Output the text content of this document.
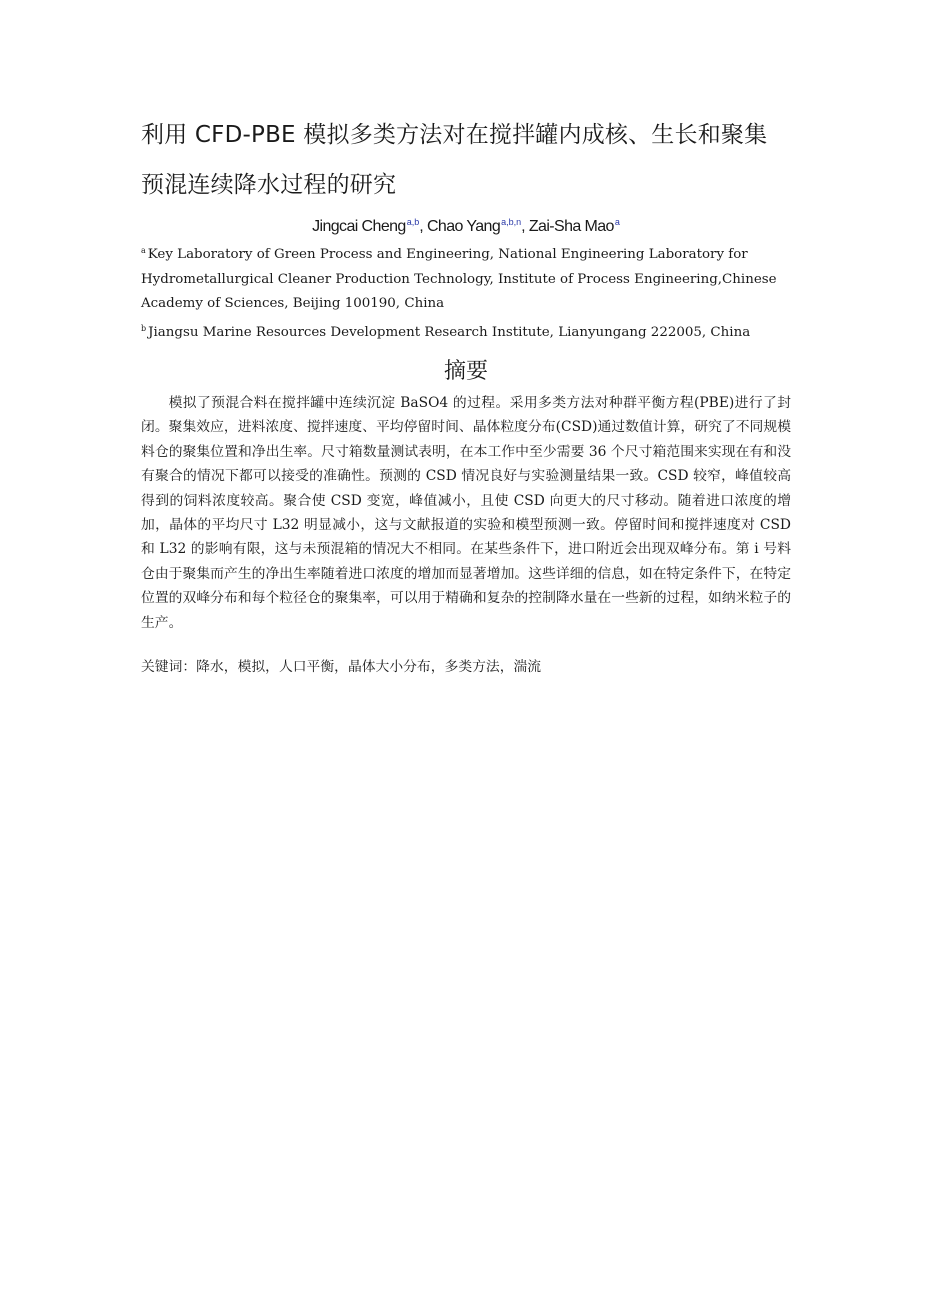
利用 CFD-PBE 模拟多类方法对在搅拌罐内成核、生长和聚集
预混连续降水过程的研究
Jingcai Cheng$^{a,b}$, Chao Yang$^{a,b,n}$, Zai-Sha Mao$^a$

$^a$ Key Laboratory of Green Process and Engineering, National Engineering Laboratory for Hydrometallurgical Cleaner Production Technology, Institute of Process Engineering,Chinese Academy of Sciences, Beijing 100190, China

$^b$ Jiangsu Marine Resources Development Research Institute, Lianyungang 222005, China

摘要

模拟了预混合料在搅拌罐中连续沉淀 BaSO4 的过程。采用多类方法对种群平衡方程(PBE)进行了封闭。聚集效应，进料浓度、搅拌速度、平均停留时间、晶体粒度分布(CSD)通过数值计算，研究了不同规模料仓的聚集位置和净出生率。尺寸箱数量测试表明，在本工作中至少需要 36 个尺寸箱范围来实现在有和没有聚合的情况下都可以接受的准确性。预测的 CSD 情况良好与实验测量结果一致。CSD 较窄，峰值较高得到的饲料浓度较高。聚合使 CSD 变宽，峰值减小，且使 CSD 向更大的尺寸移动。随着进口浓度的增加，晶体的平均尺寸 L32 明显减小，这与文献报道的实验和模型预测一致。停留时间和搅拌速度对 CSD 和 L32 的影响有限，这与未预混箱的情况大不相同。在某些条件下，进口附近会出现双峰分布。第 i 号料仓由于聚集而产生的净出生率随着进口浓度的增加而显著增加。这些详细的信息，如在特定条件下，在特定位置的双峰分布和每个粒径仓的聚集率，可以用于精确和复杂的控制降水量在一些新的过程，如纳米粒子的生产。

关键词：降水，模拟，人口平衡，晶体大小分布，多类方法，湍流
